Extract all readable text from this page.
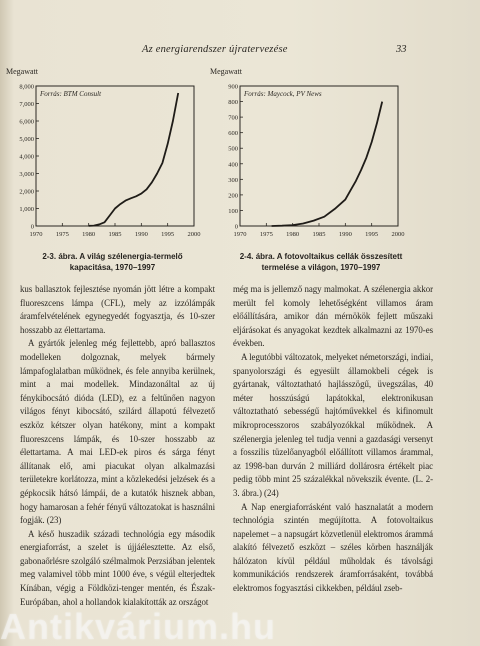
Az energiarendszer újratervezése	33
Megawatt
Forrás: BTM Consult
0
1,000
2,000
3,000
4,000
5,000
6,000
7,000
8,000
1970 1975 1980 1985 1990 1995 2000
2-3. ábra. A világ szélenergia-termelő
kapacitása, 1970–1997
Megawatt
Forrás: Maycock, PV News
0
100
200
300
400
500
600
700
800
900
1970 1975 1980 1985 1990 1995 2000
2-4. ábra. A fotovoltaikus cellák összesített
termelése a világon, 1970–1997

kus ballasztok fejlesztése nyomán jött létre a kompakt fluoreszcens lámpa (CFL), mely az izzólámpák áramfelvételének egynegyedét fogyasztja, és 10-szer hosszabb az élettartama.

A gyártók jelenleg még fejlettebb, apró ballasztos modelleken dolgoznak, melyek bármely lámpafoglalatban működnek, és fele annyiba kerülnek, mint a mai modellek. Mindazonáltal az új fénykibocsátó dióda (LED), ez a feltűnően nagyon világos fényt kibocsátó, szilárd állapotú félvezető eszköz kétszer olyan hatékony, mint a kompakt fluoreszcens lámpák, és 10-szer hosszabb az élettartama. A mai LED-ek piros és sárga fényt állítanak elő, ami piacukat olyan alkalmazási területekre korlátozza, mint a közlekedési jelzések és a gépkocsik hátsó lámpái, de a kutatók hisznek abban, hogy hamarosan a fehér fényű változatokat is használni fogják. (23)

A késő huszadik századi technológia egy második energiaforrást, a szelet is újjáélesztette. Az első, gabonaőrlésre szolgáló szélmalmok Perzsiában jelentek meg valamivel több mint 1000 éve, s végül elterjedtek Kínában, végig a Földközi-tenger mentén, és Észak-Európában, ahol a hollandok kialakították az országot

még ma is jellemző nagy malmokat. A szélenergia akkor merült fel komoly lehetőségként villamos áram előállítására, amikor dán mérnökök fejlett műszaki eljárásokat és anyagokat kezdtek alkalmazni az 1970-es években.

A legutóbbi változatok, melyeket németországi, indiai, spanyolországi és egyesült államokbeli cégek is gyártanak, változtatható hajlásszögű, üvegszálas, 40 méter hosszúságú lapátokkal, elektronikusan változtatható sebességű hajtóművekkel és kifinomult mikroprocesszoros szabályozókkal működnek. A szélenergia jelenleg tel tudja venni a gazdasági versenyt a fosszilis tüzelőanyagból előállított villamos árammal, az 1998-ban durván 2 milliárd dollárosra értékelt piac pedig több mint 25 százalékkal növekszik évente. (L. 2-3. ábra.) (24)

A Nap energiaforrásként való hasznalatát a modern technológia szintén megújította. A fotovoltaikus napelemet – a napsugárt közvetlenül elektromos árammá alakító félvezető eszközt – széles körben használják hálózaton kívül például műholdak és távolsági kommunikációs rendszerek áramforrásaként, továbbá elektromos fogyasztási cikkekben, például zseb-

Antikvárium.hu
